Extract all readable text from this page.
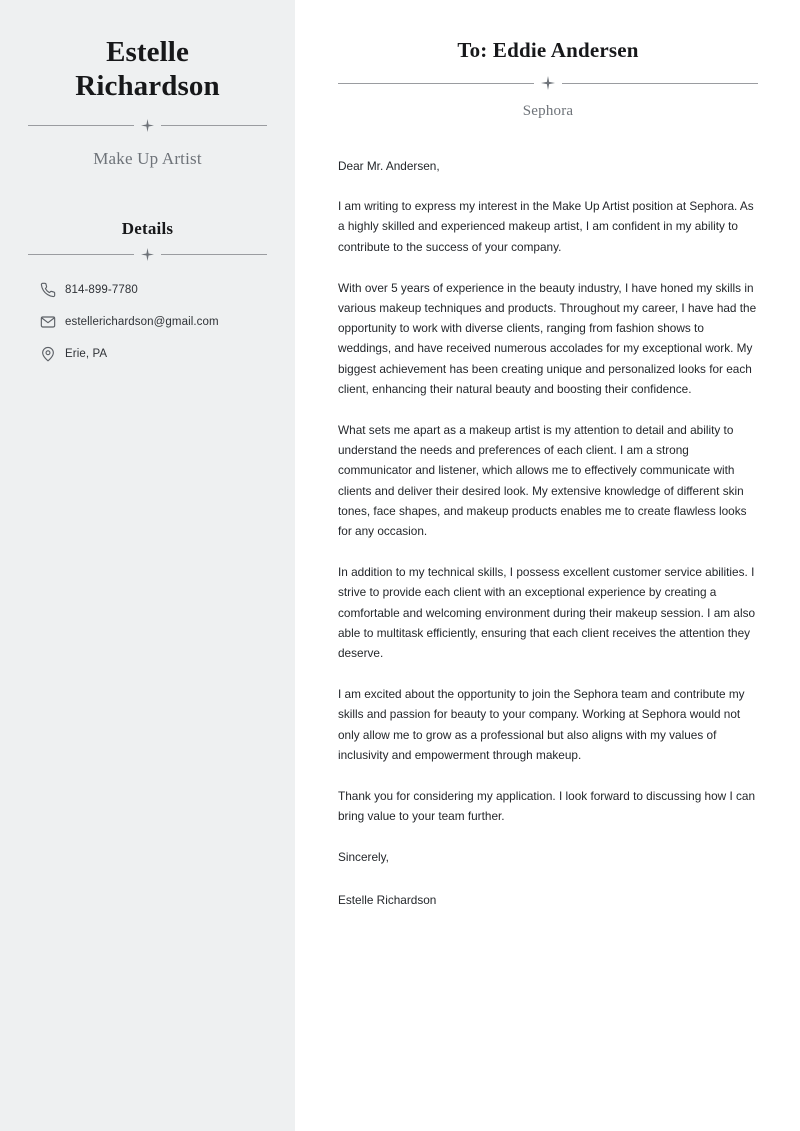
Estelle Richardson
Make Up Artist
Details
814-899-7780
estellerichardson@gmail.com
Erie, PA
To: Eddie Andersen
Sephora

Dear Mr. Andersen,

I am writing to express my interest in the Make Up Artist position at Sephora. As a highly skilled and experienced makeup artist, I am confident in my ability to contribute to the success of your company.

With over 5 years of experience in the beauty industry, I have honed my skills in various makeup techniques and products. Throughout my career, I have had the opportunity to work with diverse clients, ranging from fashion shows to weddings, and have received numerous accolades for my exceptional work. My biggest achievement has been creating unique and personalized looks for each client, enhancing their natural beauty and boosting their confidence.

What sets me apart as a makeup artist is my attention to detail and ability to understand the needs and preferences of each client. I am a strong communicator and listener, which allows me to effectively communicate with clients and deliver their desired look. My extensive knowledge of different skin tones, face shapes, and makeup products enables me to create flawless looks for any occasion.

In addition to my technical skills, I possess excellent customer service abilities. I strive to provide each client with an exceptional experience by creating a comfortable and welcoming environment during their makeup session. I am also able to multitask efficiently, ensuring that each client receives the attention they deserve.

I am excited about the opportunity to join the Sephora team and contribute my skills and passion for beauty to your company. Working at Sephora would not only allow me to grow as a professional but also aligns with my values of inclusivity and empowerment through makeup.

Thank you for considering my application. I look forward to discussing how I can bring value to your team further.

Sincerely,

Estelle Richardson
